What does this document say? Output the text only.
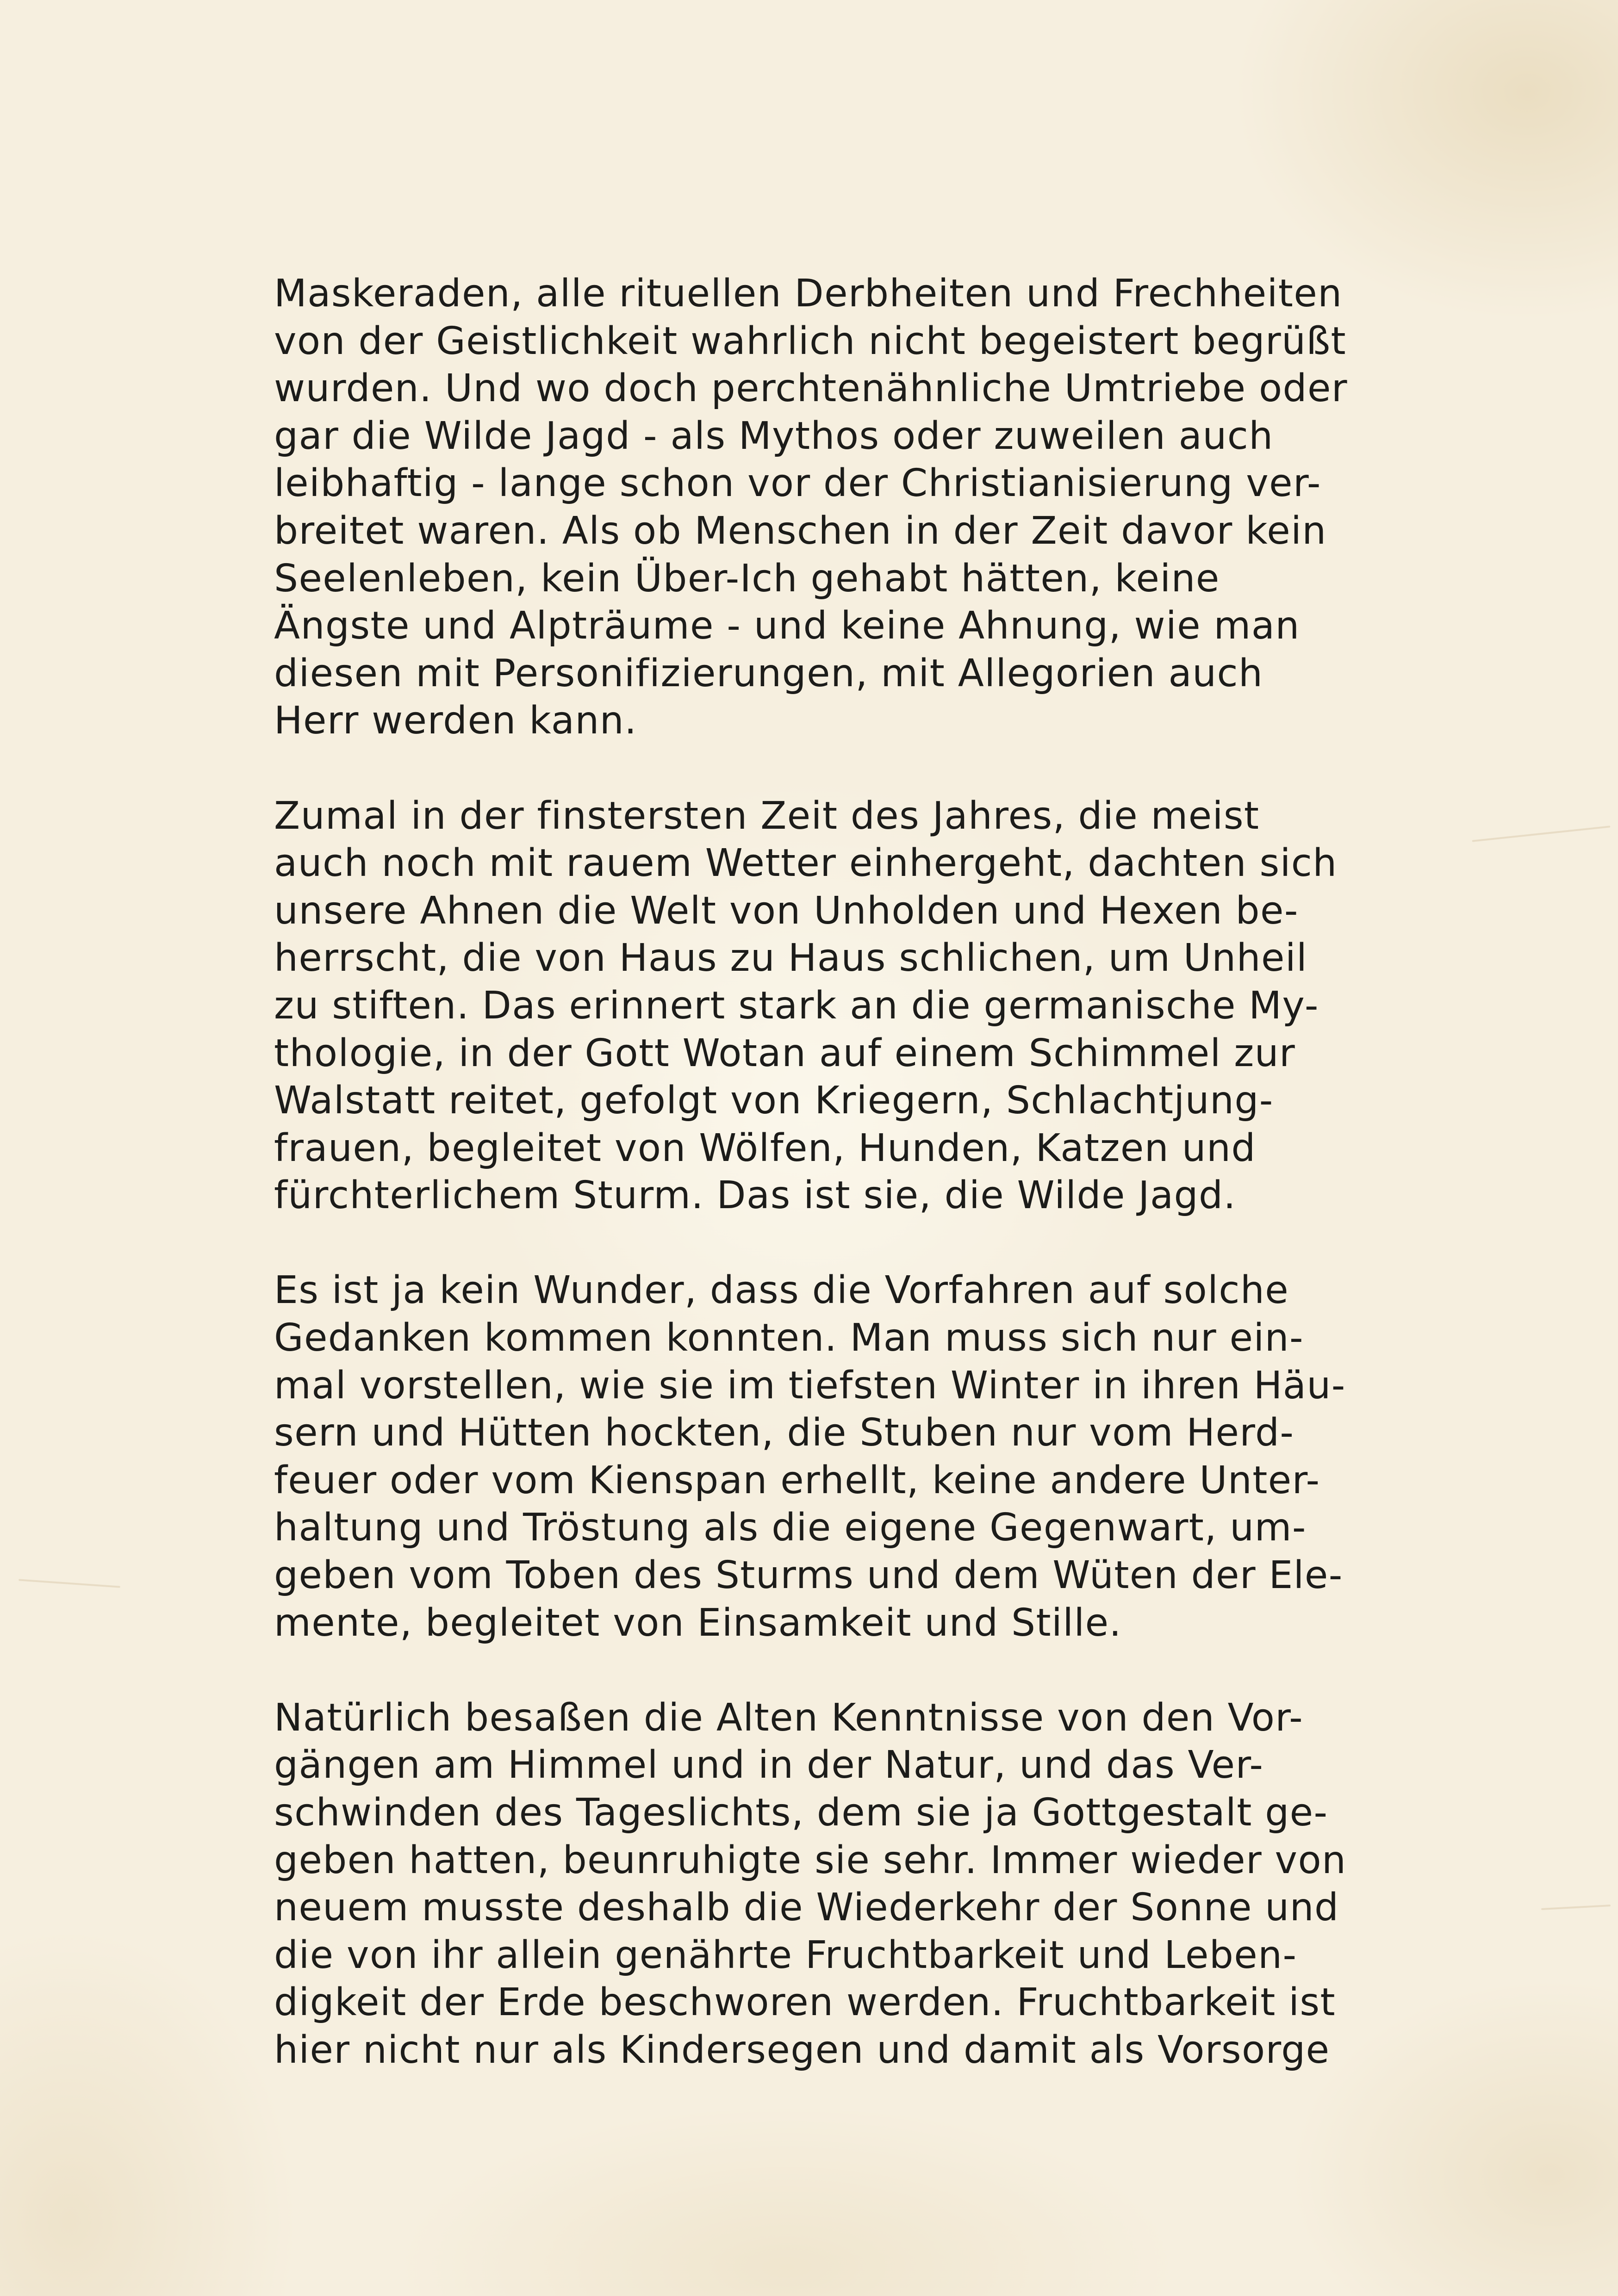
Maskeraden, alle rituellen Derbheiten und Frechheiten
von der Geistlichkeit wahrlich nicht begeistert begrüßt
wurden. Und wo doch perchtenähnliche Umtriebe oder
gar die Wilde Jagd - als Mythos oder zuweilen auch
leibhaftig - lange schon vor der Christianisierung ver-
breitet waren. Als ob Menschen in der Zeit davor kein
Seelenleben, kein Über-Ich gehabt hätten, keine
Ängste und Alpträume - und keine Ahnung, wie man
diesen mit Personifizierungen, mit Allegorien auch
Herr werden kann.
Zumal in der finstersten Zeit des Jahres, die meist
auch noch mit rauem Wetter einhergeht, dachten sich
unsere Ahnen die Welt von Unholden und Hexen be-
herrscht, die von Haus zu Haus schlichen, um Unheil
zu stiften. Das erinnert stark an die germanische My-
thologie, in der Gott Wotan auf einem Schimmel zur
Walstatt reitet, gefolgt von Kriegern, Schlachtjung-
frauen, begleitet von Wölfen, Hunden, Katzen und
fürchterlichem Sturm. Das ist sie, die Wilde Jagd.
Es ist ja kein Wunder, dass die Vorfahren auf solche
Gedanken kommen konnten. Man muss sich nur ein-
mal vorstellen, wie sie im tiefsten Winter in ihren Häu-
sern und Hütten hockten, die Stuben nur vom Herd-
feuer oder vom Kienspan erhellt, keine andere Unter-
haltung und Tröstung als die eigene Gegenwart, um-
geben vom Toben des Sturms und dem Wüten der Ele-
mente, begleitet von Einsamkeit und Stille.
Natürlich besaßen die Alten Kenntnisse von den Vor-
gängen am Himmel und in der Natur, und das Ver-
schwinden des Tageslichts, dem sie ja Gottgestalt ge-
geben hatten, beunruhigte sie sehr. Immer wieder von
neuem musste deshalb die Wiederkehr der Sonne und
die von ihr allein genährte Fruchtbarkeit und Leben-
digkeit der Erde beschworen werden. Fruchtbarkeit ist
hier nicht nur als Kindersegen und damit als Vorsorge
